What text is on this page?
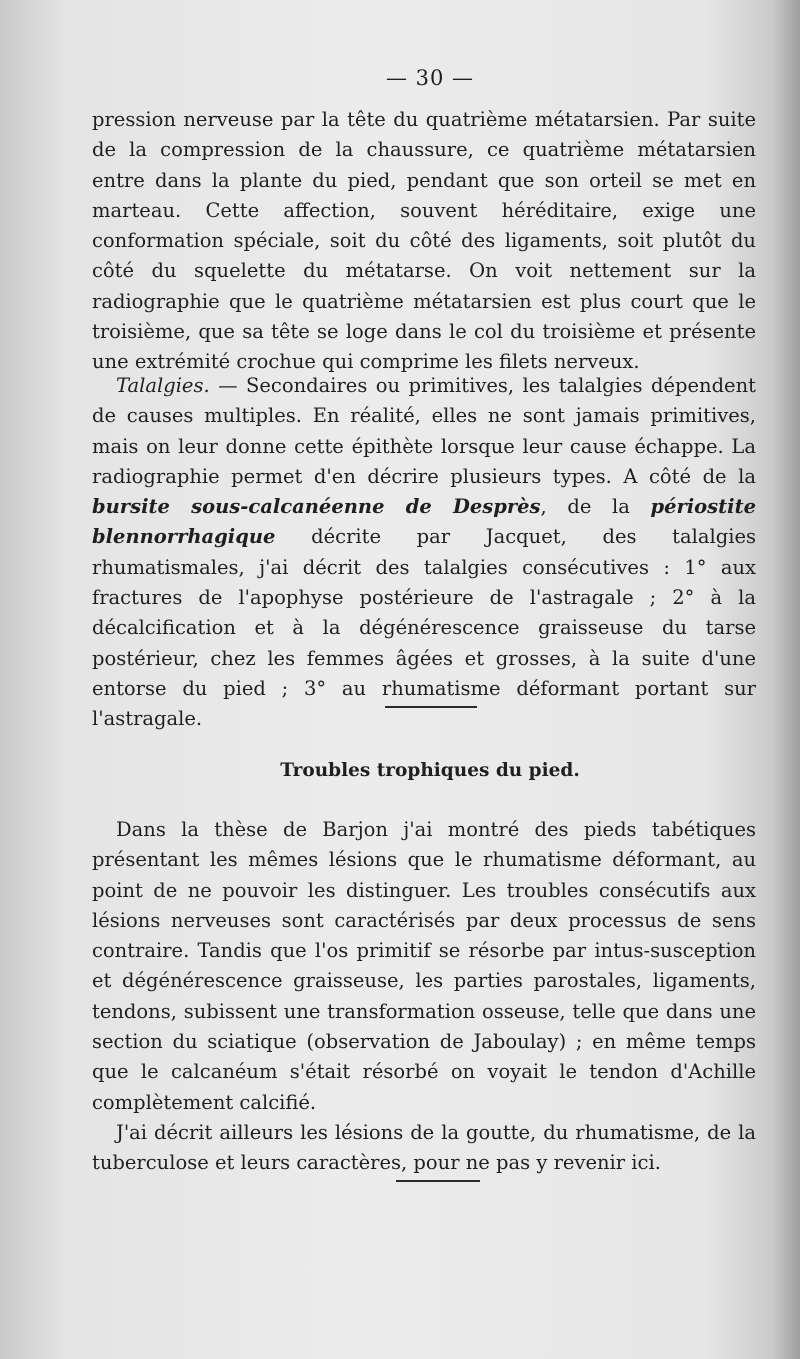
— 30 —

pression nerveuse par la tête du quatrième métatarsien. Par suite de la compression de la chaussure, ce quatrième métatarsien entre dans la plante du pied, pendant que son orteil se met en marteau. Cette affection, souvent héréditaire, exige une conformation spéciale, soit du côté des ligaments, soit plutôt du côté du squelette du métatarse. On voit nettement sur la radiographie que le quatrième métatarsien est plus court que le troisième, que sa tête se loge dans le col du troisième et présente une extrémité crochue qui comprime les filets nerveux.

Talalgies. — Secondaires ou primitives, les talalgies dépendent de causes multiples. En réalité, elles ne sont jamais primitives, mais on leur donne cette épithète lorsque leur cause échappe. La radiographie permet d'en décrire plusieurs types. A côté de la bursite sous-calcanéenne de Desprès, de la périostite blennorrhagique décrite par Jacquet, des talalgies rhumatismales, j'ai décrit des talalgies consécutives : 1° aux fractures de l'apophyse postérieure de l'astragale ; 2° à la décalcification et à la dégénérescence graisseuse du tarse postérieur, chez les femmes âgées et grosses, à la suite d'une entorse du pied ; 3° au rhumatisme déformant portant sur l'astragale.

Troubles trophiques du pied.

Dans la thèse de Barjon j'ai montré des pieds tabétiques présentant les mêmes lésions que le rhumatisme déformant, au point de ne pouvoir les distinguer. Les troubles consécutifs aux lésions nerveuses sont caractérisés par deux processus de sens contraire. Tandis que l'os primitif se résorbe par intus-susception et dégénérescence graisseuse, les parties parostales, ligaments, tendons, subissent une transformation osseuse, telle que dans une section du sciatique (observation de Jaboulay) ; en même temps que le calcanéum s'était résorbé on voyait le tendon d'Achille complètement calcifié.

J'ai décrit ailleurs les lésions de la goutte, du rhumatisme, de la tuberculose et leurs caractères, pour ne pas y revenir ici.
